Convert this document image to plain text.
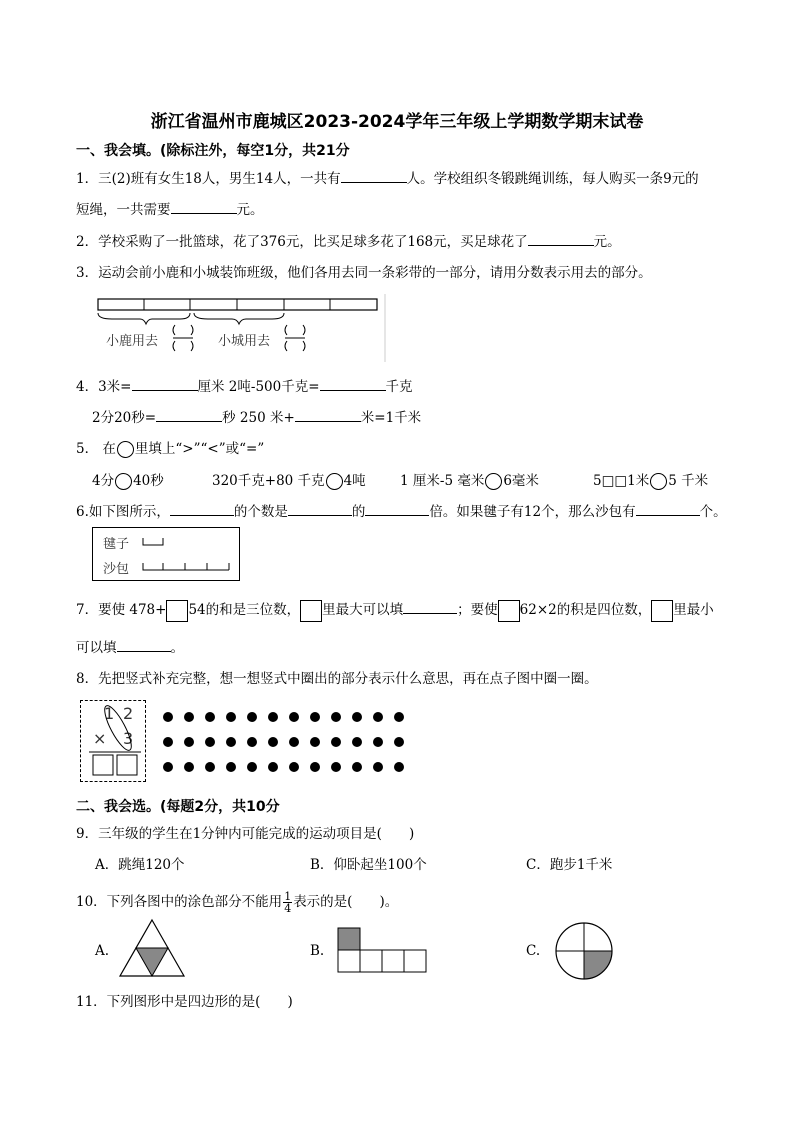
浙江省温州市鹿城区2023-2024学年三年级上学期数学期末试卷
一、我会填。(除标注外，每空1分，共21分
1．三(2)班有女生18人，男生14人，一共有	人。学校组织冬锻跳绳训练，每人购买一条9元的
短绳，一共需要	元。
2．学校采购了一批篮球，花了376元，比买足球多花了168元，买足球花了	元。
3．运动会前小鹿和小城装饰班级，他们各用去同一条彩带的一部分，请用分数表示用去的部分。
小鹿用去	小城用去
4．3米=	厘米 2吨-500千克=	千克
2分20秒=	秒 250 米+	米=1千米
5． 在 里填上“>”“<”或“=”
4分 40秒	320千克+80 千克 4吨	1 厘米-5 毫米 6毫米	5□□1米 5 千米
6.如下图所示，	的个数是	的	倍。如果毽子有12个，那么沙包有	个。
毽子
沙包
7．要使 478+ 54的和是三位数， 里最大可以填	；要使 62×2的积是四位数， 里最小
可以填	。
8．先把竖式补充完整，想一想竖式中圈出的部分表示什么意思，再在点子图中圈一圈。
1 2
× 3
二、我会选。(每题2分，共10分
9．三年级的学生在1分钟内可能完成的运动项目是(　　)
A．跳绳120个	B．仰卧起坐100个	C．跑步1千米
10．下列各图中的涂色部分不能用 $\frac{1}{4}$ 表示的是(　　)。
A.	B.	C.
11．下列图形中是四边形的是(　　)
